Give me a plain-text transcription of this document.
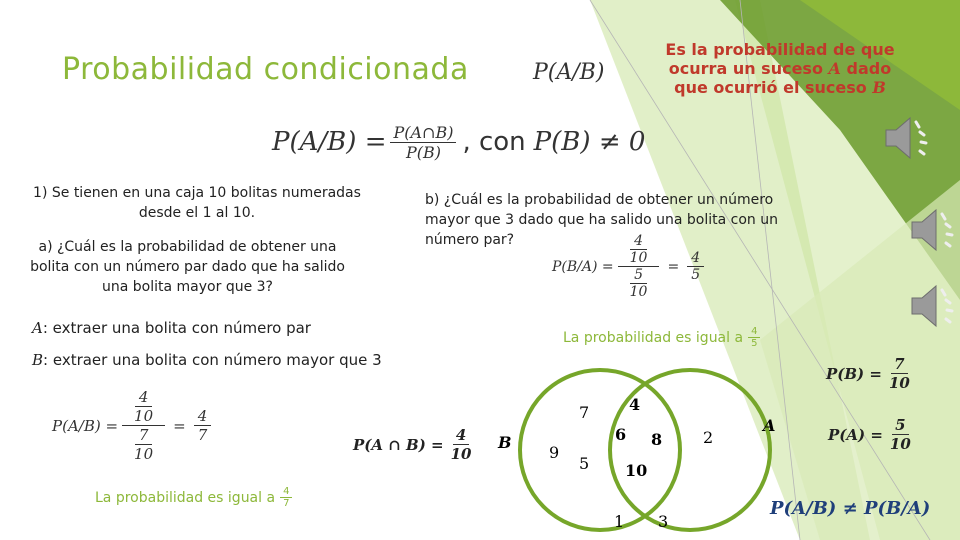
Probabilidad condicionada	P(A/B)
Es la probabilidad de que
ocurra un suceso A dado
que ocurrió el suceso B
$P(A/B) = \frac{P(A\cap B)}{P(B)}$ , con P(B) ≠ 0
1) Se tienen en una caja 10 bolitas numeradas desde el 1 al 10.
a) ¿Cuál es la probabilidad de obtener una bolita con un número par dado que ha salido una bolita mayor que 3?
b) ¿Cuál es la probabilidad de obtener un número mayor que 3 dado que ha salido una bolita con un número par?
A: extraer una bolita con número par
B: extraer una bolita con número mayor que 3
$P(A/B) = \frac{\frac{4}{10}}{\frac{7}{10}} = \frac{4}{7}$
$P(B/A) = \frac{\frac{4}{10}}{\frac{5}{10}} = \frac{4}{5}$
La probabilidad es igual a $\frac{4}{7}$
La probabilidad es igual a $\frac{4}{5}$
P(A ∩ $B) = \frac{4}{10}$
$P(B) = \frac{7}{10}$
$P(A) = \frac{5}{10}$
P(A/B) ≠ P(B/A)
B
A
7
9
5
4
6 8
10
2
1 3
